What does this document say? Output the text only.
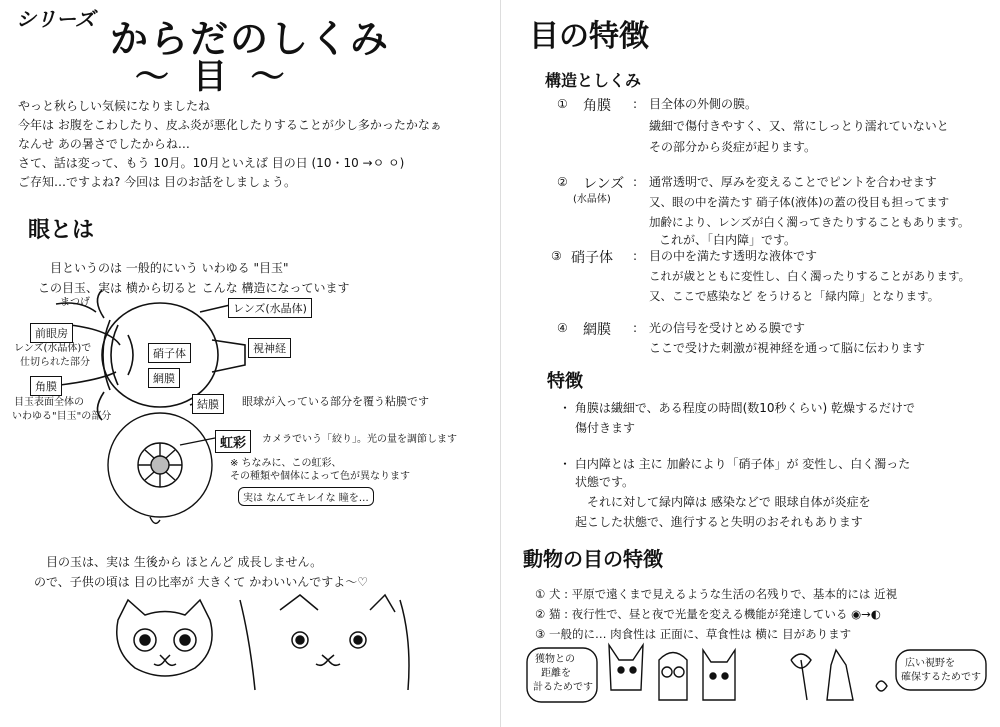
シリーズ からだのしくみ
〜 目 〜
やっと秋らしい気候になりましたね
今年は お腹をこわしたり、皮ふ炎が悪化したりすることが少し多かったかなぁ
なんせ あの暑さでしたからね…
さて、話は変って、もう 10月。10月といえば 目の日 (10・10 →ㅇ ㅇ)
ご存知…ですよね? 今回は 目のお話をしましょう。
眼とは
目というのは 一般的にいう いわゆる "目玉"
この目玉、実は 横から切ると こんな 構造になっています
まつげ
前眼房
レンズ(水晶体)で
仕切られた部分
角膜
目玉表面全体の
いわゆる"目玉"の部分
レンズ(水晶体)
硝子体
網膜
視神経
結膜	眼球が入っている部分を覆う粘膜です
虹彩	カメラでいう「絞り」。光の量を調節します
※ ちなみに、この虹彩、
その種類や個体によって色が異なります
実は なんてキレイな 瞳を…
目の玉は、実は 生後から ほとんど 成長しません。
ので、子供の頃は 目の比率が 大きくて かわいいんですよ〜♡
目の特徴
構造としくみ
① 角膜 : 目全体の外側の膜。
繊細で傷付きやすく、又、常にしっとり濡れていないと
その部分から炎症が起ります。
② レンズ
(水晶体)
: 通常透明で、厚みを変えることでピントを合わせます
又、眼の中を満たす 硝子体(液体)の蓋の役目も担ってます
加齢により、レンズが白く濁ってきたりすることもあります。
これが、「白内障」です。
③ 硝子体 : 目の中を満たす透明な液体です
これが歳とともに変性し、白く濁ったりすることがあります。
又、ここで感染など をうけると「緑内障」となります。
④ 網膜 : 光の信号を受けとめる膜です
ここで受けた刺激が視神経を通って脳に伝わります
特徴
・ 角膜は繊細で、ある程度の時間(数10秒くらい) 乾燥するだけで
傷付きます
・ 白内障とは 主に 加齢により「硝子体」が 変性し、白く濁った
状態です。
それに対して緑内障は 感染などで 眼球自体が炎症を
起こした状態で、進行すると失明のおそれもあります
動物の目の特徴
① 犬 : 平原で遠くまで見えるような生活の名残りで、基本的には 近視
② 猫 : 夜行性で、昼と夜で光量を変える機能が発達している ◉→◐
③ 一般的に… 肉食性は 正面に、草食性は 横に 目があります
獲物との
距離を
計るためです
広い視野を
確保するためです
